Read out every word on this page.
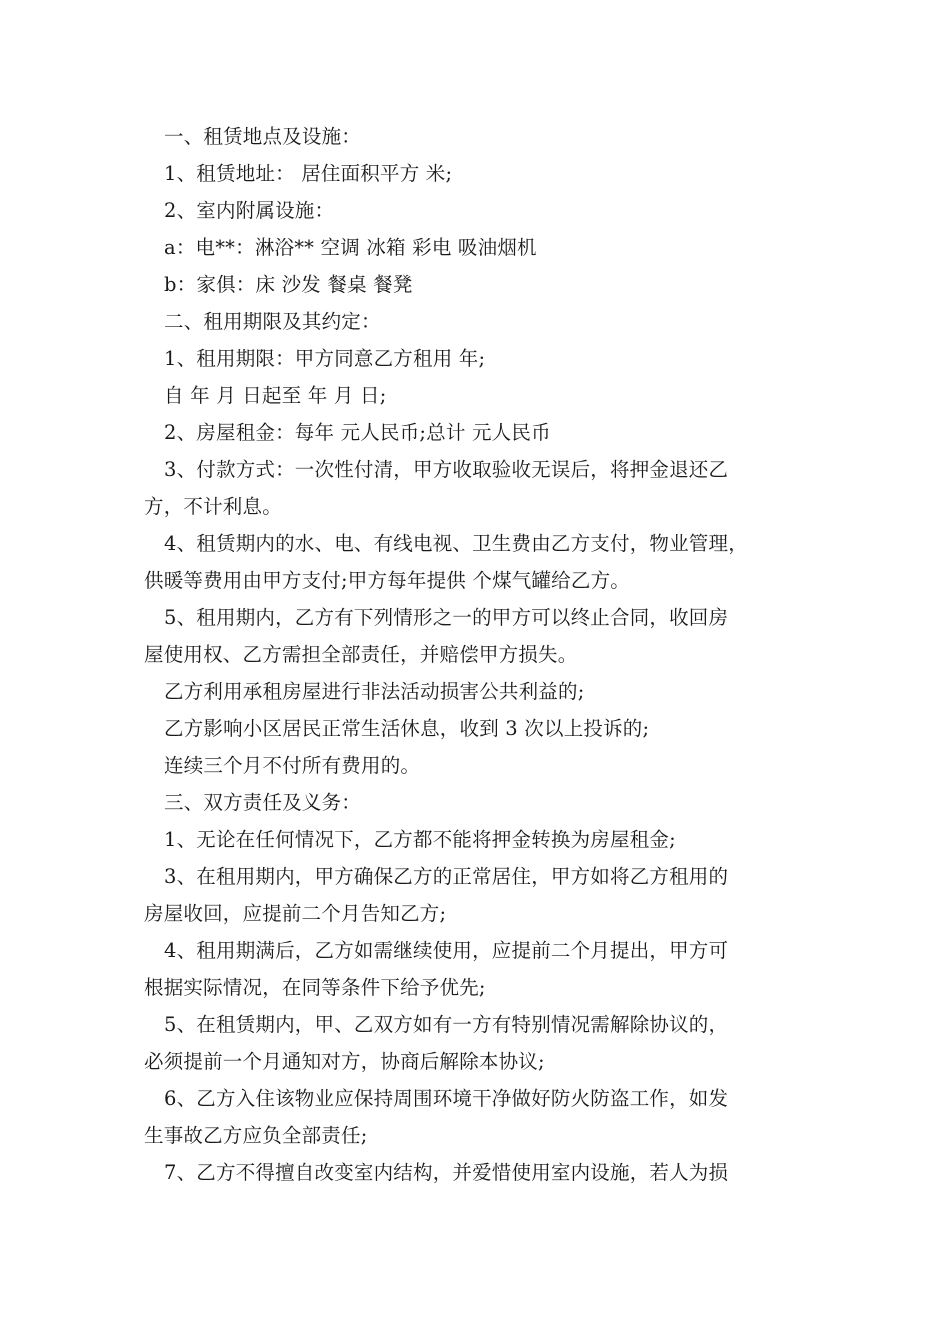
一、租赁地点及设施：
1、租赁地址： 居住面积平方 米;
2、室内附属设施：
a：电**：淋浴** 空调 冰箱 彩电 吸油烟机
b：家俱：床 沙发 餐桌 餐凳
二、租用期限及其约定：
1、租用期限：甲方同意乙方租用 年;
自 年 月 日起至 年 月 日;
2、房屋租金：每年 元人民币;总计 元人民币
3、付款方式：一次性付清，甲方收取验收无误后，将押金退还乙
方，不计利息。
4、租赁期内的水、电、有线电视、卫生费由乙方支付，物业管理，
供暖等费用由甲方支付;甲方每年提供 个煤气罐给乙方。
5、租用期内，乙方有下列情形之一的甲方可以终止合同，收回房
屋使用权、乙方需担全部责任，并赔偿甲方损失。
乙方利用承租房屋进行非法活动损害公共利益的;
乙方影响小区居民正常生活休息，收到 3 次以上投诉的;
连续三个月不付所有费用的。
三、双方责任及义务：
1、无论在任何情况下，乙方都不能将押金转换为房屋租金;
3、在租用期内，甲方确保乙方的正常居住，甲方如将乙方租用的
房屋收回，应提前二个月告知乙方;
4、租用期满后，乙方如需继续使用，应提前二个月提出，甲方可
根据实际情况，在同等条件下给予优先;
5、在租赁期内，甲、乙双方如有一方有特别情况需解除协议的，
必须提前一个月通知对方，协商后解除本协议;
6、乙方入住该物业应保持周围环境干净做好防火防盗工作，如发
生事故乙方应负全部责任;
7、乙方不得擅自改变室内结构，并爱惜使用室内设施，若人为损
